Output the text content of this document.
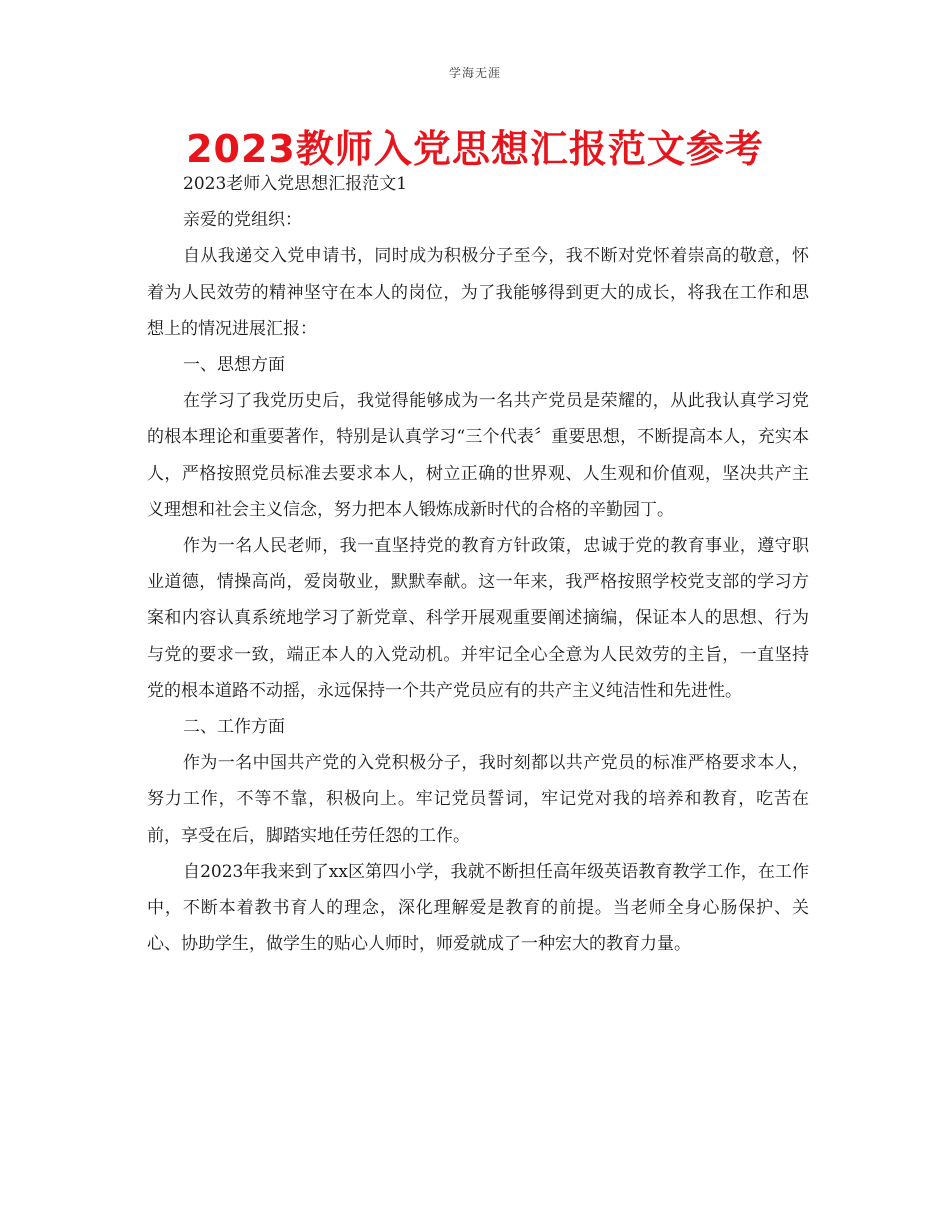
学海无涯
2023教师入党思想汇报范文参考

2023老师入党思想汇报范文1

亲爱的党组织：

自从我递交入党申请书，同时成为积极分子至今，我不断对党怀着崇高的敬意，怀着为人民效劳的精神坚守在本人的岗位，为了我能够得到更大的成长，将我在工作和思想上的情况进展汇报：

一、思想方面

在学习了我党历史后，我觉得能够成为一名共产党员是荣耀的，从此我认真学习党的根本理论和重要著作，特别是认真学习“三个代表〞重要思想，不断提高本人，充实本人，严格按照党员标准去要求本人，树立正确的世界观、人生观和价值观，坚决共产主义理想和社会主义信念，努力把本人锻炼成新时代的合格的辛勤园丁。

作为一名人民老师，我一直坚持党的教育方针政策，忠诚于党的教育事业，遵守职业道德，情操高尚，爱岗敬业，默默奉献。这一年来，我严格按照学校党支部的学习方案和内容认真系统地学习了新党章、科学开展观重要阐述摘编，保证本人的思想、行为与党的要求一致，端正本人的入党动机。并牢记全心全意为人民效劳的主旨，一直坚持党的根本道路不动摇，永远保持一个共产党员应有的共产主义纯洁性和先进性。

二、工作方面

作为一名中国共产党的入党积极分子，我时刻都以共产党员的标准严格要求本人，努力工作，不等不靠，积极向上。牢记党员誓词，牢记党对我的培养和教育，吃苦在前，享受在后，脚踏实地任劳任怨的工作。

自2023年我来到了xx区第四小学，我就不断担任高年级英语教育教学工作，在工作中，不断本着教书育人的理念，深化理解爱是教育的前提。当老师全身心肠保护、关心、协助学生，做学生的贴心人师时，师爱就成了一种宏大的教育力量。
